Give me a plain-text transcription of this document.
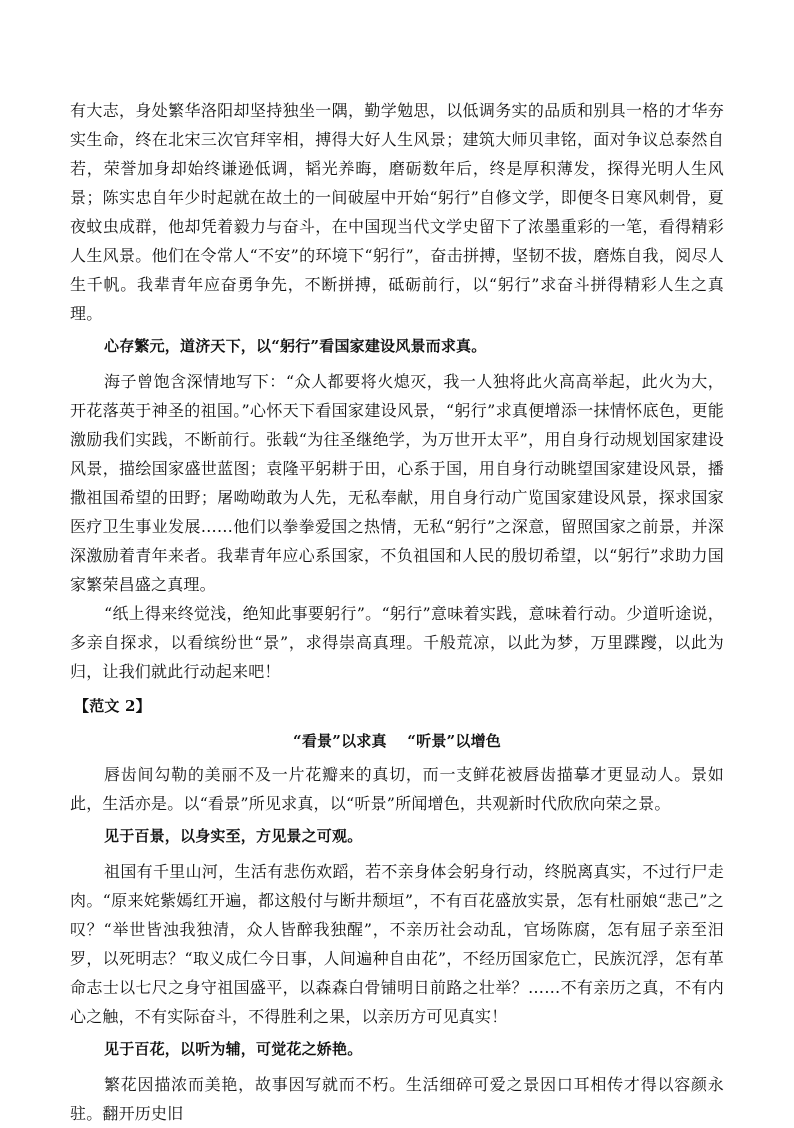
有大志，身处繁华洛阳却坚持独坐一隅，勤学勉思，以低调务实的品质和别具一格的才华夯实生命，终在北宋三次官拜宰相，搏得大好人生风景；建筑大师贝聿铭，面对争议总泰然自若，荣誉加身却始终谦逊低调，韬光养晦，磨砺数年后，终是厚积薄发，探得光明人生风景；陈实忠自年少时起就在故土的一间破屋中开始“躬行”自修文学，即便冬日寒风刺骨，夏夜蚊虫成群，他却凭着毅力与奋斗，在中国现当代文学史留下了浓墨重彩的一笔，看得精彩人生风景。他们在令常人“不安”的环境下“躬行”，奋击拼搏，坚韧不拔，磨炼自我，阅尽人生千帆。我辈青年应奋勇争先，不断拼搏，砥砺前行，以“躬行”求奋斗拼得精彩人生之真理。

心存繁元，道济天下，以“躬行”看国家建设风景而求真。

海子曾饱含深情地写下：“众人都要将火熄灭，我一人独将此火高高举起，此火为大，开花落英于神圣的祖国。”心怀天下看国家建设风景，“躬行”求真便增添一抹情怀底色，更能激励我们实践，不断前行。张载“为往圣继绝学，为万世开太平”，用自身行动规划国家建设风景，描绘国家盛世蓝图；袁隆平躬耕于田，心系于国，用自身行动眺望国家建设风景，播撒祖国希望的田野；屠呦呦敢为人先，无私奉献，用自身行动广览国家建设风景，探求国家医疗卫生事业发展……他们以拳拳爱国之热情，无私“躬行”之深意，留照国家之前景，并深深激励着青年来者。我辈青年应心系国家，不负祖国和人民的殷切希望，以“躬行”求助力国家繁荣昌盛之真理。

“纸上得来终觉浅，绝知此事要躬行”。“躬行”意味着实践，意味着行动。少道听途说，多亲自探求，以看缤纷世“景”，求得崇高真理。千般荒凉，以此为梦，万里蹀躞，以此为归，让我们就此行动起来吧！

【范文 2】

“看景”以求真　 “听景”以增色

唇齿间勾勒的美丽不及一片花瓣来的真切，而一支鲜花被唇齿描摹才更显动人。景如此，生活亦是。以“看景”所见求真，以“听景”所闻增色，共观新时代欣欣向荣之景。

见于百景，以身实至，方见景之可观。

祖国有千里山河，生活有悲伤欢蹈，若不亲身体会躬身行动，终脱离真实，不过行尸走肉。“原来姹紫嫣红开遍，都这般付与断井颓垣”，不有百花盛放实景，怎有杜丽娘“悲己”之叹？“举世皆浊我独清，众人皆醉我独醒”，不亲历社会动乱，官场陈腐，怎有屈子亲至汨罗，以死明志？“取义成仁今日事，人间遍种自由花”，不经历国家危亡，民族沉浮，怎有革命志士以七尺之身守祖国盛平，以森森白骨铺明日前路之壮举？……不有亲历之真，不有内心之触，不有实际奋斗，不得胜利之果，以亲历方可见真实！

见于百花，以听为辅，可觉花之娇艳。

繁花因描浓而美艳，故事因写就而不朽。生活细碎可爱之景因口耳相传才得以容颜永驻。翻开历史旧
